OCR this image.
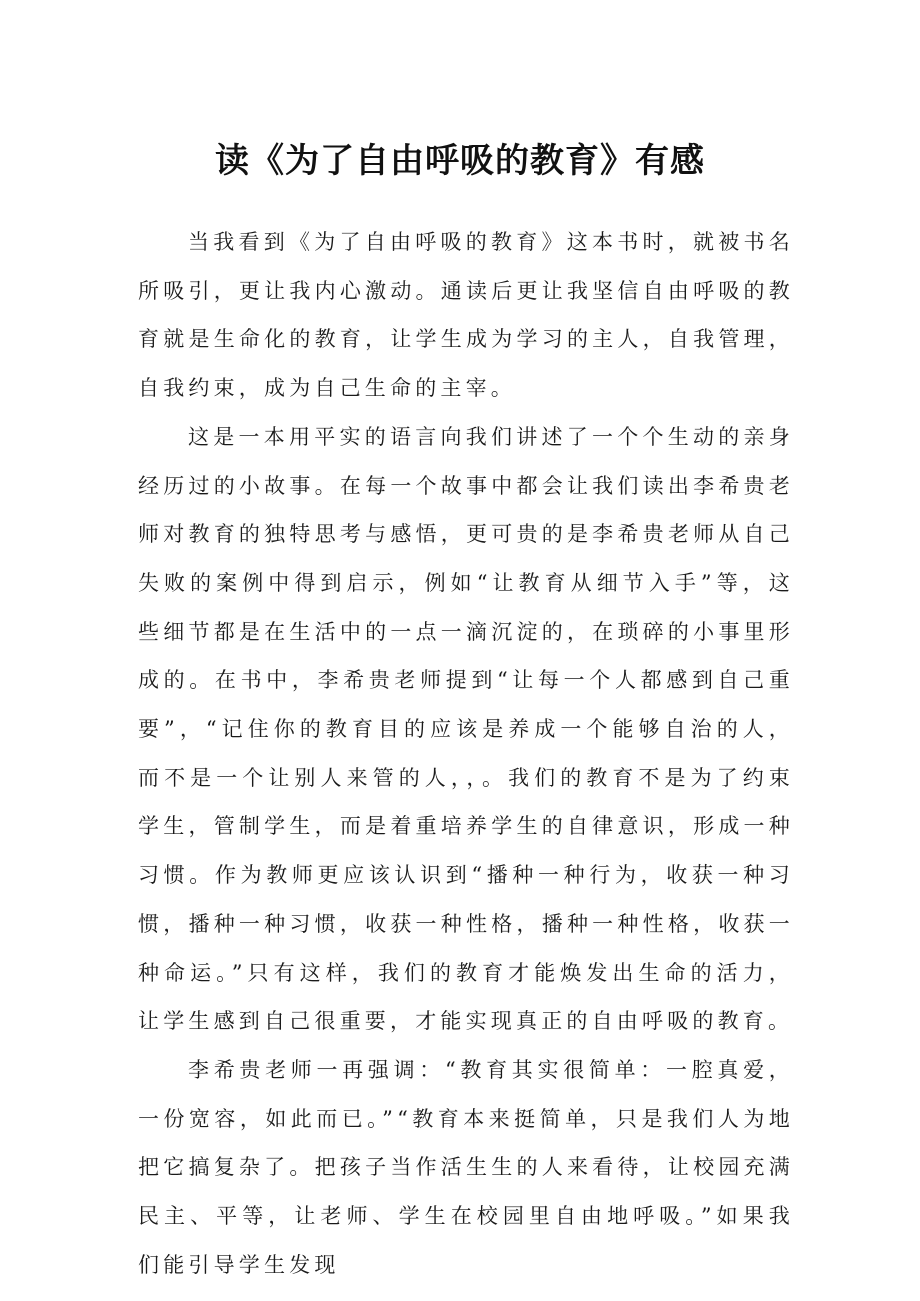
读《为了自由呼吸的教育》有感

当我看到《为了自由呼吸的教育》这本书时，就被书名所吸引，更让我内心激动。通读后更让我坚信自由呼吸的教育就是生命化的教育，让学生成为学习的主人，自我管理，自我约束，成为自己生命的主宰。

这是一本用平实的语言向我们讲述了一个个生动的亲身经历过的小故事。在每一个故事中都会让我们读出李希贵老师对教育的独特思考与感悟，更可贵的是李希贵老师从自己失败的案例中得到启示，例如“让教育从细节入手”等，这些细节都是在生活中的一点一滴沉淀的，在琐碎的小事里形成的。在书中，李希贵老师提到“让每一个人都感到自己重要”，“记住你的教育目的应该是养成一个能够自治的人，而不是一个让别人来管的人，，。我们的教育不是为了约束学生，管制学生，而是着重培养学生的自律意识，形成一种习惯。作为教师更应该认识到“播种一种行为，收获一种习惯，播种一种习惯，收获一种性格，播种一种性格，收获一种命运。”只有这样，我们的教育才能焕发出生命的活力，让学生感到自己很重要，才能实现真正的自由呼吸的教育。

李希贵老师一再强调：“教育其实很简单：一腔真爱，一份宽容，如此而已。”“教育本来挺简单，只是我们人为地把它搞复杂了。把孩子当作活生生的人来看待，让校园充满民主、平等，让老师、学生在校园里自由地呼吸。”如果我们能引导学生发现
